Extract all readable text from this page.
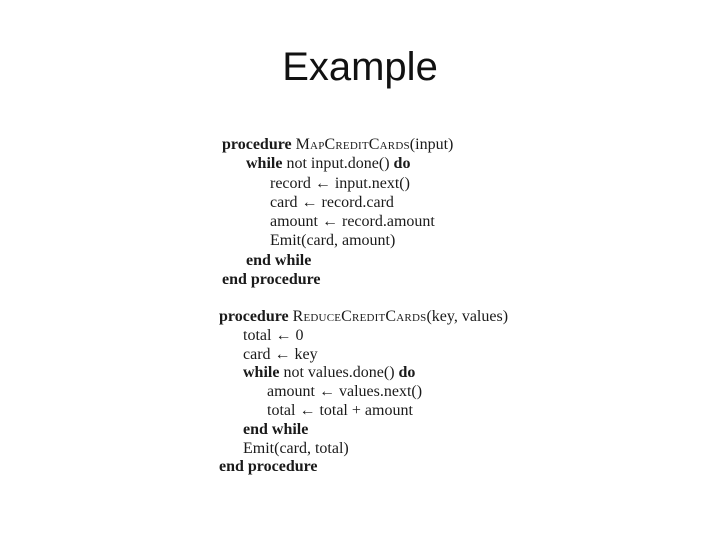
Example
procedure MapCreditCards(input)
while not input.done() do
record ← input.next()
card ← record.card
amount ← record.amount
Emit(card, amount)
end while
end procedure
procedure ReduceCreditCards(key, values)
total ← 0
card ← key
while not values.done() do
amount ← values.next()
total ← total + amount
end while
Emit(card, total)
end procedure
